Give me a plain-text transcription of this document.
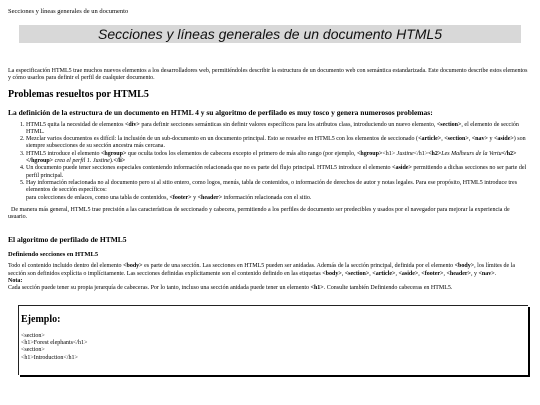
Secciones y líneas generales de un documento
Secciones y líneas generales de un documento HTML5

La especificación HTML5 trae muchos nuevos elementos a los desarrolladores web, permitiéndoles describir la estructura de un documento web con semántica estandarizada. Este documento describe estos elementos y cómo usarlos para definir el perfil de cualquier documento.

Problemas resueltos por HTML5
La definición de la estructura de un documento en HTML 4 y su algoritmo de perfilado es muy tosco y genera numerosos problemas:
1. HTML5 quita la necesidad de elementos <div> para definir secciones semánticas sin definir valores específicos para los atributos class, introduciendo un nuevo elemento, <section>, el elemento de sección HTML.
2. Mezclar varios documentos es difícil: la inclusión de un sub-documento en un documento principal. Esto se resuelve en HTML5 con los elementos de seccionado (<article>, <section>, <nav> y <aside>) son siempre subsecciones de su sección ancestra más cercana.
3. HTML5 introduce el elemento <hgroup> que oculta todos los elementos de cabecera excepto el primero de más alto rango (por ejemplo, <hgroup><h1> Justine</h1><h2>Les Malheurs de la Vertu</h2></hgroup> crea el perfil 1. Justine).</li>
4. Un documento puede tener secciones especiales conteniendo información relacionada que no es parte del flujo principal. HTML5 introduce el elemento <aside> permitiendo a dichas secciones no ser parte del perfil principal.
5. Hay información relacionada no al documento pero si al sitio entero, como logos, menús, tabla de contenidos, o información de derechos de autor y notas legales. Para ese propósito, HTML5 introduce tres elementos de sección específicos:
para colecciones de enlaces, como una tabla de contenidos, <footer> y <header> información relacionada con el sitio.

De manera más general, HTML5 trae precisión a las características de seccionado y cabecera, permitiendo a los perfiles de documento ser predecibles y usados por el navegador para mejorar la experiencia de usuario.

El algoritmo de perfilado de HTML5
Definiendo secciones en HTML5

Todo el contenido incluido dentro del elemento <body> es parte de una sección. Las secciones en HTML5 pueden ser anidadas. Además de la sección principal, definida por el elemento <body>, los límites de la sección son definidos explícita o implícitamente. Las secciones definidas explícitamente son el contenido definido en las etiquetas <body>, <section>, <article>, <aside>, <footer>, <header>, y <nav>.

Nota:

Cada sección puede tener su propia jerarquía de cabeceras. Por lo tanto, incluso una sección anidada puede tener un elemento <h1>. Consulte también Definiendo cabeceras en HTML5.

Ejemplo:
<section>
<h1>Forest elephants</h1>
<section>
<h1>Introduction</h1>
